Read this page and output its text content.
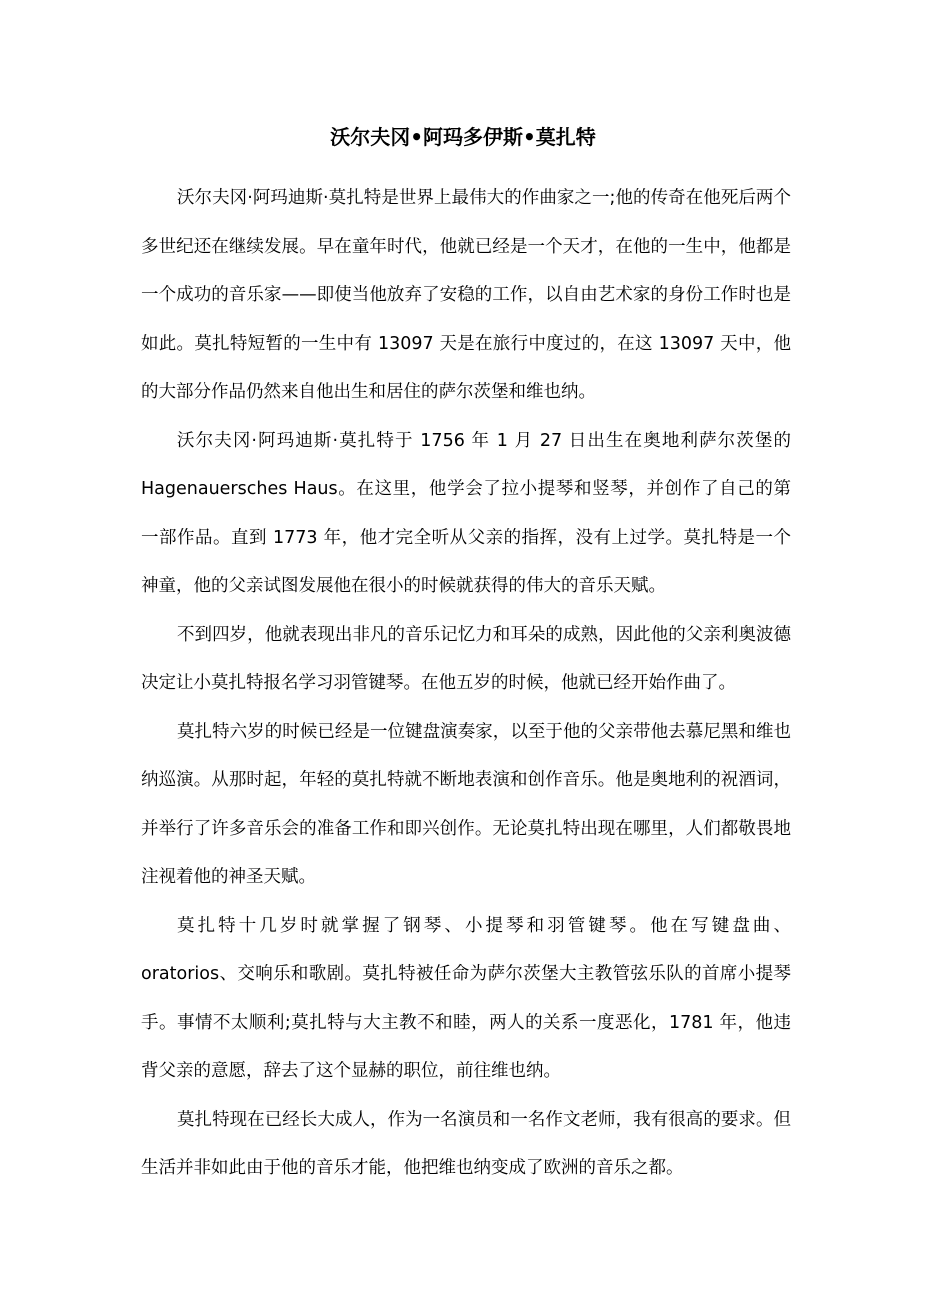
沃尔夫冈•阿玛多伊斯•莫扎特

沃尔夫冈·阿玛迪斯·莫扎特是世界上最伟大的作曲家之一;他的传奇在他死后两个多世纪还在继续发展。早在童年时代，他就已经是一个天才，在他的一生中，他都是一个成功的音乐家——即使当他放弃了安稳的工作，以自由艺术家的身份工作时也是如此。莫扎特短暂的一生中有 13097 天是在旅行中度过的，在这 13097 天中，他的大部分作品仍然来自他出生和居住的萨尔茨堡和维也纳。

沃尔夫冈·阿玛迪斯·莫扎特于 1756 年 1 月 27 日出生在奥地利萨尔茨堡的 Hagenauersches Haus。在这里，他学会了拉小提琴和竖琴，并创作了自己的第一部作品。直到 1773 年，他才完全听从父亲的指挥，没有上过学。莫扎特是一个神童，他的父亲试图发展他在很小的时候就获得的伟大的音乐天赋。

不到四岁，他就表现出非凡的音乐记忆力和耳朵的成熟，因此他的父亲利奥波德决定让小莫扎特报名学习羽管键琴。在他五岁的时候，他就已经开始作曲了。

莫扎特六岁的时候已经是一位键盘演奏家，以至于他的父亲带他去慕尼黑和维也纳巡演。从那时起，年轻的莫扎特就不断地表演和创作音乐。他是奥地利的祝酒词，并举行了许多音乐会的准备工作和即兴创作。无论莫扎特出现在哪里，人们都敬畏地注视着他的神圣天赋。

莫扎特十几岁时就掌握了钢琴、小提琴和羽管键琴。他在写键盘曲、oratorios、交响乐和歌剧。莫扎特被任命为萨尔茨堡大主教管弦乐队的首席小提琴手。事情不太顺利;莫扎特与大主教不和睦，两人的关系一度恶化，1781 年，他违背父亲的意愿，辞去了这个显赫的职位，前往维也纳。

莫扎特现在已经长大成人，作为一名演员和一名作文老师，我有很高的要求。但生活并非如此由于他的音乐才能，他把维也纳变成了欧洲的音乐之都。
